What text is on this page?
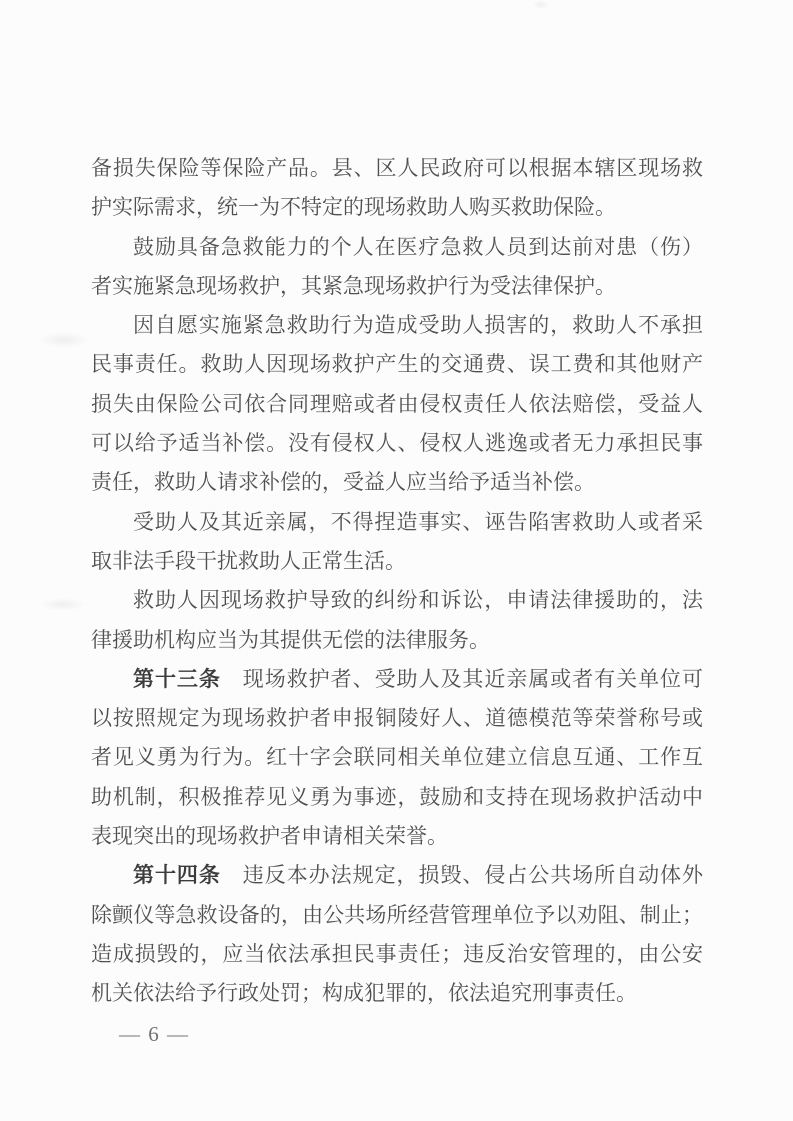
备损失保险等保险产品。县、区人民政府可以根据本辖区现场救
护实际需求，统一为不特定的现场救助人购买救助保险。
鼓励具备急救能力的个人在医疗急救人员到达前对患（伤）
者实施紧急现场救护，其紧急现场救护行为受法律保护。
因自愿实施紧急救助行为造成受助人损害的，救助人不承担
民事责任。救助人因现场救护产生的交通费、误工费和其他财产
损失由保险公司依合同理赔或者由侵权责任人依法赔偿，受益人
可以给予适当补偿。没有侵权人、侵权人逃逸或者无力承担民事
责任，救助人请求补偿的，受益人应当给予适当补偿。
受助人及其近亲属，不得捏造事实、诬告陷害救助人或者采
取非法手段干扰救助人正常生活。
救助人因现场救护导致的纠纷和诉讼，申请法律援助的，法
律援助机构应当为其提供无偿的法律服务。
第十三条　现场救护者、受助人及其近亲属或者有关单位可
以按照规定为现场救护者申报铜陵好人、道德模范等荣誉称号或
者见义勇为行为。红十字会联同相关单位建立信息互通、工作互
助机制，积极推荐见义勇为事迹，鼓励和支持在现场救护活动中
表现突出的现场救护者申请相关荣誉。
第十四条　违反本办法规定，损毁、侵占公共场所自动体外
除颤仪等急救设备的，由公共场所经营管理单位予以劝阻、制止；
造成损毁的，应当依法承担民事责任；违反治安管理的，由公安
机关依法给予行政处罚；构成犯罪的，依法追究刑事责任。
— 6 —
